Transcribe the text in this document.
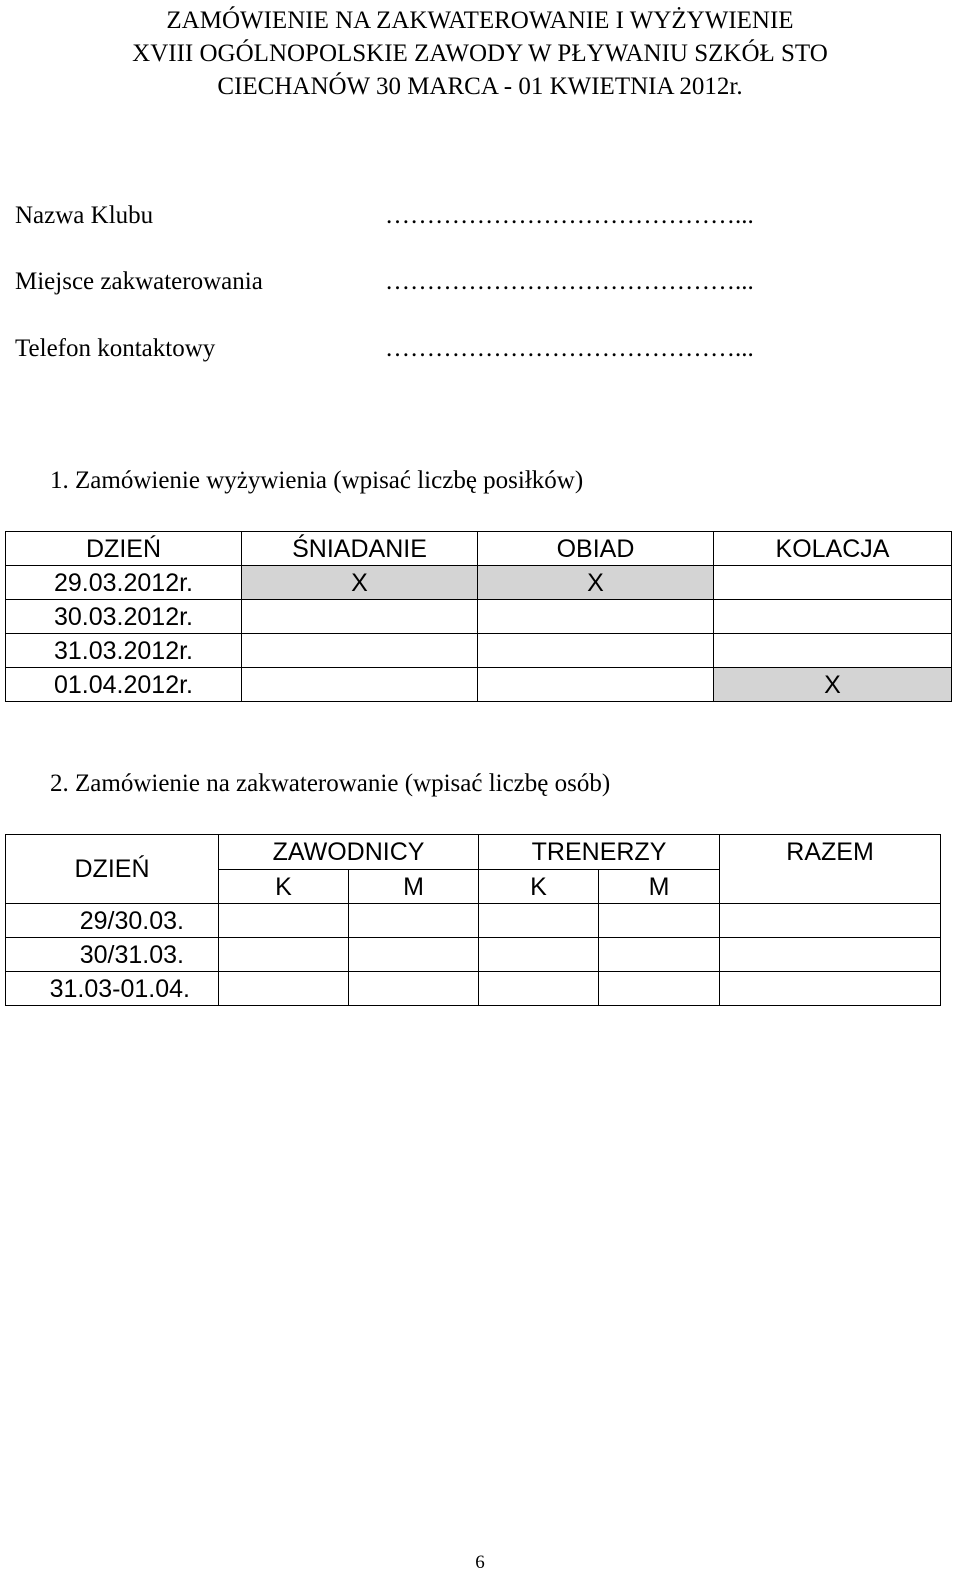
ZAMÓWIENIE NA ZAKWATEROWANIE I WYŻYWIENIE
XVIII OGÓLNOPOLSKIE ZAWODY W PŁYWANIU SZKÓŁ STO
CIECHANÓW 30 MARCA - 01 KWIETNIA 2012r.
Nazwa Klubu	……………………………………...
Miejsce zakwaterowania	……………………………………...
Telefon kontaktowy	……………………………………...
1. Zamówienie wyżywienia (wpisać liczbę posiłków)
DZIEŃ	ŚNIADANIE	OBIAD	KOLACJA
29.03.2012r.	X	X	
30.03.2012r.			
31.03.2012r.			
01.04.2012r.			X
2. Zamówienie na zakwaterowanie (wpisać liczbę osób)
DZIEŃ	ZAWODNICY		TRENERZY		RAZEM
	K	M	K	M	
29/30.03.					
30/31.03.					
31.03-01.04.					
6
